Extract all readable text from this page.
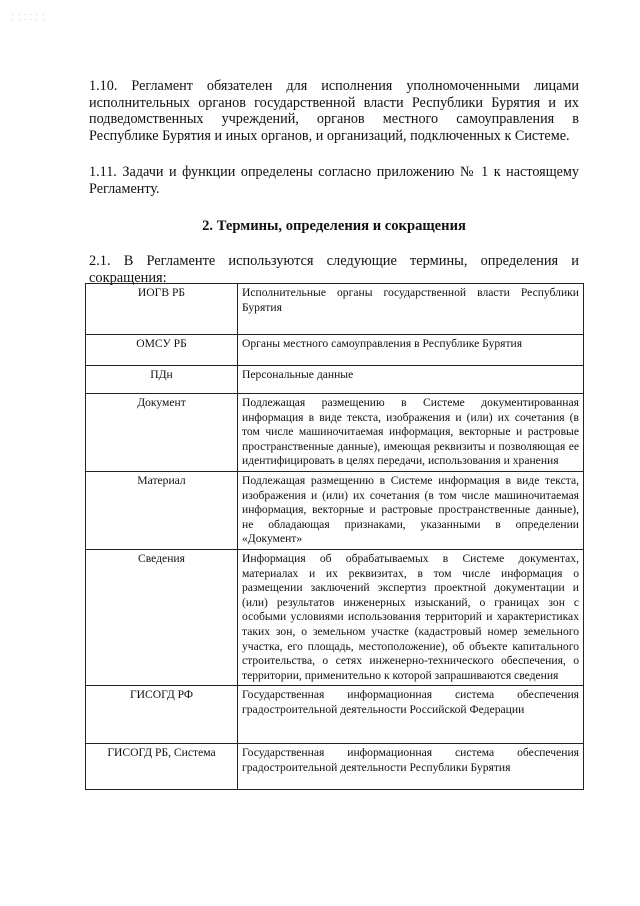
1.10. Регламент обязателен для исполнения уполномоченными лицами исполнительных органов государственной власти Республики Бурятия и их подведомственных учреждений, органов местного самоуправления в Республике Бурятия и иных органов, и организаций, подключенных к Системе.
1.11. Задачи и функции определены согласно приложению № 1 к настоящему Регламенту.
2. Термины, определения и сокращения
2.1. В Регламенте используются следующие термины, определения и сокращения:
ИОГВ РБ	Исполнительные органы государственной власти Республики Бурятия
ОМСУ РБ	Органы местного самоуправления в Республике Бурятия
ПДн	Персональные данные
Документ	Подлежащая размещению в Системе документированная информация в виде текста, изображения и (или) их сочетания (в том числе машиночитаемая информация, векторные и растровые пространственные данные), имеющая реквизиты и позволяющая ее идентифицировать в целях передачи, использования и хранения
Материал	Подлежащая размещению в Системе информация в виде текста, изображения и (или) их сочетания (в том числе машиночитаемая информация, векторные и растровые пространственные данные), не обладающая признаками, указанными в определении «Документ»
Сведения	Информация об обрабатываемых в Системе документах, материалах и их реквизитах, в том числе информация о размещении заключений экспертиз проектной документации и (или) результатов инженерных изысканий, о границах зон с особыми условиями использования территорий и характеристиках таких зон, о земельном участке (кадастровый номер земельного участка, его площадь, местоположение), об объекте капитального строительства, о сетях инженерно-технического обеспечения, о территории, применительно к которой запрашиваются сведения
ГИСОГД РФ	Государственная информационная система обеспечения градостроительной деятельности Российской Федерации
ГИСОГД РБ, Система	Государственная информационная система обеспечения градостроительной деятельности Республики Бурятия
